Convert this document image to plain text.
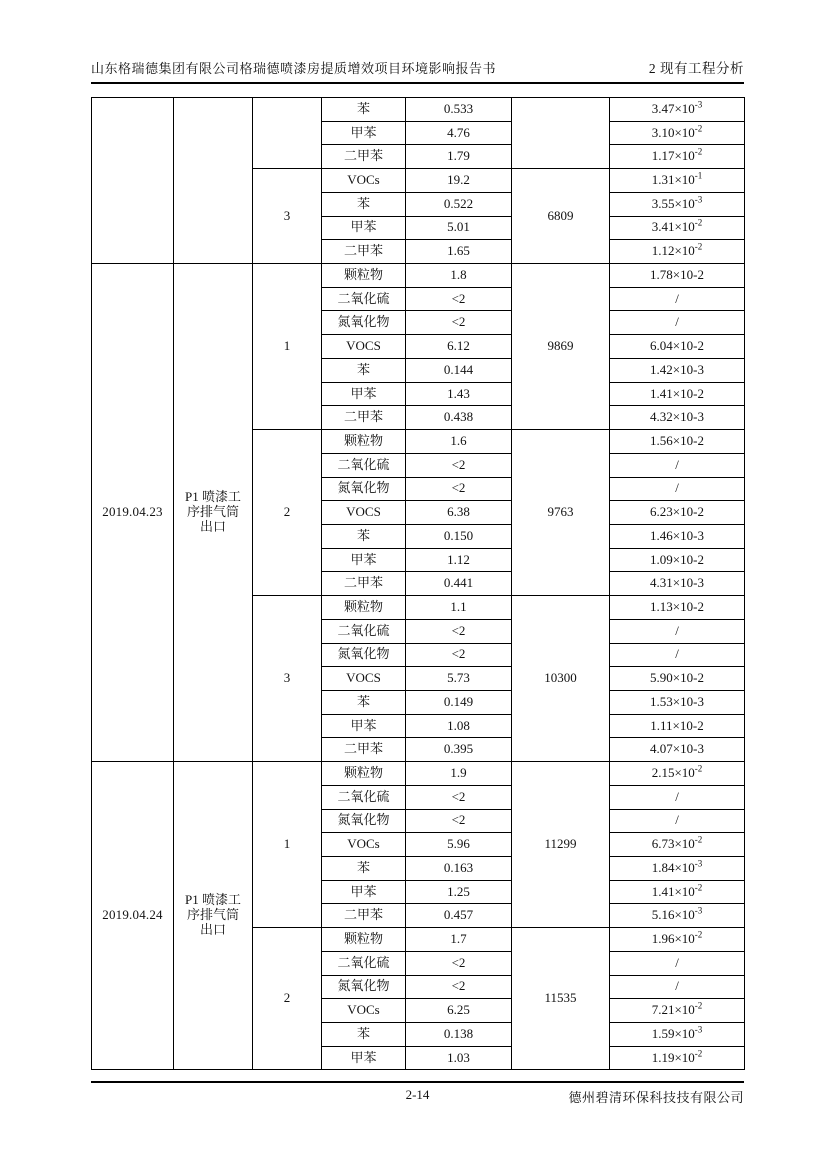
山东格瑞德集团有限公司格瑞德喷漆房提质增效项目环境影响报告书	2 现有工程分析
			苯	0.533		$3.47\times 10^{-3}$
			甲苯	4.76		$3.10\times 10^{-2}$
			二甲苯	1.79		$1.17\times 10^{-2}$
		3	VOCs	19.2	6809	$1.31\times 10^{-1}$
			苯	0.522		$3.55\times 10^{-3}$
			甲苯	5.01		$3.41\times 10^{-2}$
			二甲苯	1.65		$1.12\times 10^{-2}$
2019.04.23	P1 喷漆工
序排气筒
出口	1	颗粒物	1.8	9869	1.78×10-2
			二氧化硫	<2		/
			氮氧化物	<2		/
			VOCS	6.12		6.04×10-2
			苯	0.144		1.42×10-3
			甲苯	1.43		1.41×10-2
			二甲苯	0.438		4.32×10-3
		2	颗粒物	1.6	9763	1.56×10-2
			二氧化硫	<2		/
			氮氧化物	<2		/
			VOCS	6.38		6.23×10-2
			苯	0.150		1.46×10-3
			甲苯	1.12		1.09×10-2
			二甲苯	0.441		4.31×10-3
		3	颗粒物	1.1	10300	1.13×10-2
			二氧化硫	<2		/
			氮氧化物	<2		/
			VOCS	5.73		5.90×10-2
			苯	0.149		1.53×10-3
			甲苯	1.08		1.11×10-2
			二甲苯	0.395		4.07×10-3
2019.04.24	P1 喷漆工
序排气筒
出口	1	颗粒物	1.9	11299	$2.15\times 10^{-2}$
			二氧化硫	<2		/
			氮氧化物	<2		/
			VOCs	5.96		$6.73\times 10^{-2}$
			苯	0.163		$1.84\times 10^{-3}$
			甲苯	1.25		$1.41\times 10^{-2}$
			二甲苯	0.457		$5.16\times 10^{-3}$
		2	颗粒物	1.7	11535	$1.96\times 10^{-2}$
			二氧化硫	<2		/
			氮氧化物	<2		/
			VOCs	6.25		$7.21\times 10^{-2}$
			苯	0.138		$1.59\times 10^{-3}$
			甲苯	1.03		$1.19\times 10^{-2}$
2-14	德州碧清环保科技技有限公司
